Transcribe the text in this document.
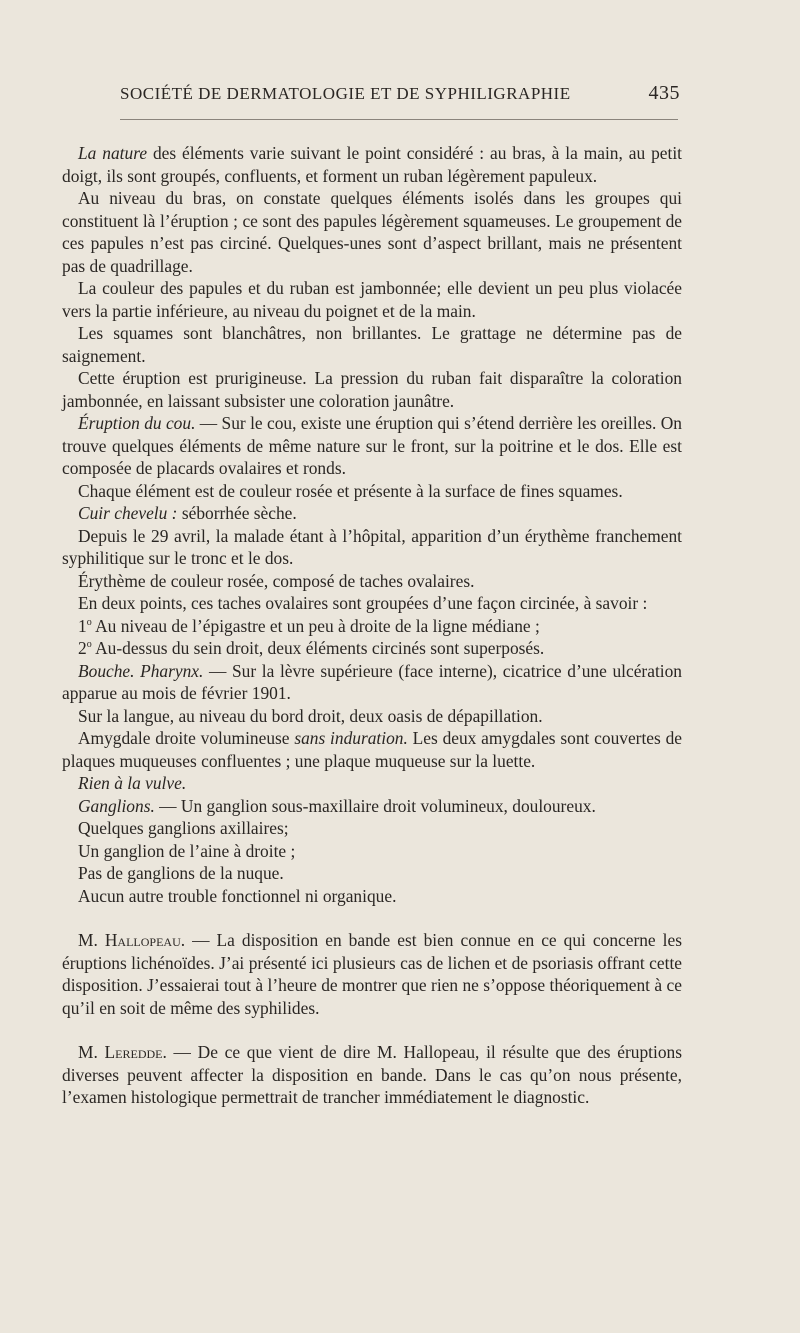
SOCIÉTÉ DE DERMATOLOGIE ET DE SYPHILIGRAPHIE	435

La nature des éléments varie suivant le point considéré : au bras, à la main, au petit doigt, ils sont groupés, confluents, et forment un ruban légèrement papuleux.

Au niveau du bras, on constate quelques éléments isolés dans les groupes qui constituent là l’éruption ; ce sont des papules légèrement squameuses. Le groupement de ces papules n’est pas circiné. Quelques-unes sont d’aspect brillant, mais ne présentent pas de quadrillage.

La couleur des papules et du ruban est jambonnée; elle devient un peu plus violacée vers la partie inférieure, au niveau du poignet et de la main.

Les squames sont blanchâtres, non brillantes. Le grattage ne détermine pas de saignement.

Cette éruption est prurigineuse. La pression du ruban fait disparaître la coloration jambonnée, en laissant subsister une coloration jaunâtre.

Éruption du cou. — Sur le cou, existe une éruption qui s’étend derrière les oreilles. On trouve quelques éléments de même nature sur le front, sur la poitrine et le dos. Elle est composée de placards ovalaires et ronds.

Chaque élément est de couleur rosée et présente à la surface de fines squames.

Cuir chevelu : séborrhée sèche.

Depuis le 29 avril, la malade étant à l’hôpital, apparition d’un érythème franchement syphilitique sur le tronc et le dos.

Érythème de couleur rosée, composé de taches ovalaires.

En deux points, ces taches ovalaires sont groupées d’une façon circinée, à savoir :

1$^o$ Au niveau de l’épigastre et un peu à droite de la ligne médiane ;

2$^o$ Au-dessus du sein droit, deux éléments circinés sont superposés.

Bouche. Pharynx. — Sur la lèvre supérieure (face interne), cicatrice d’une ulcération apparue au mois de février 1901.

Sur la langue, au niveau du bord droit, deux oasis de dépapillation.

Amygdale droite volumineuse sans induration. Les deux amygdales sont couvertes de plaques muqueuses confluentes ; une plaque muqueuse sur la luette.

Rien à la vulve.

Ganglions. — Un ganglion sous-maxillaire droit volumineux, douloureux.

Quelques ganglions axillaires;

Un ganglion de l’aine à droite ;

Pas de ganglions de la nuque.

Aucun autre trouble fonctionnel ni organique.

M. Hallopeau. — La disposition en bande est bien connue en ce qui concerne les éruptions lichénoïdes. J’ai présenté ici plusieurs cas de lichen et de psoriasis offrant cette disposition. J’essaierai tout à l’heure de montrer que rien ne s’oppose théoriquement à ce qu’il en soit de même des syphilides.

M. Leredde. — De ce que vient de dire M. Hallopeau, il résulte que des éruptions diverses peuvent affecter la disposition en bande. Dans le cas qu’on nous présente, l’examen histologique permettrait de trancher immédiatement le diagnostic.
